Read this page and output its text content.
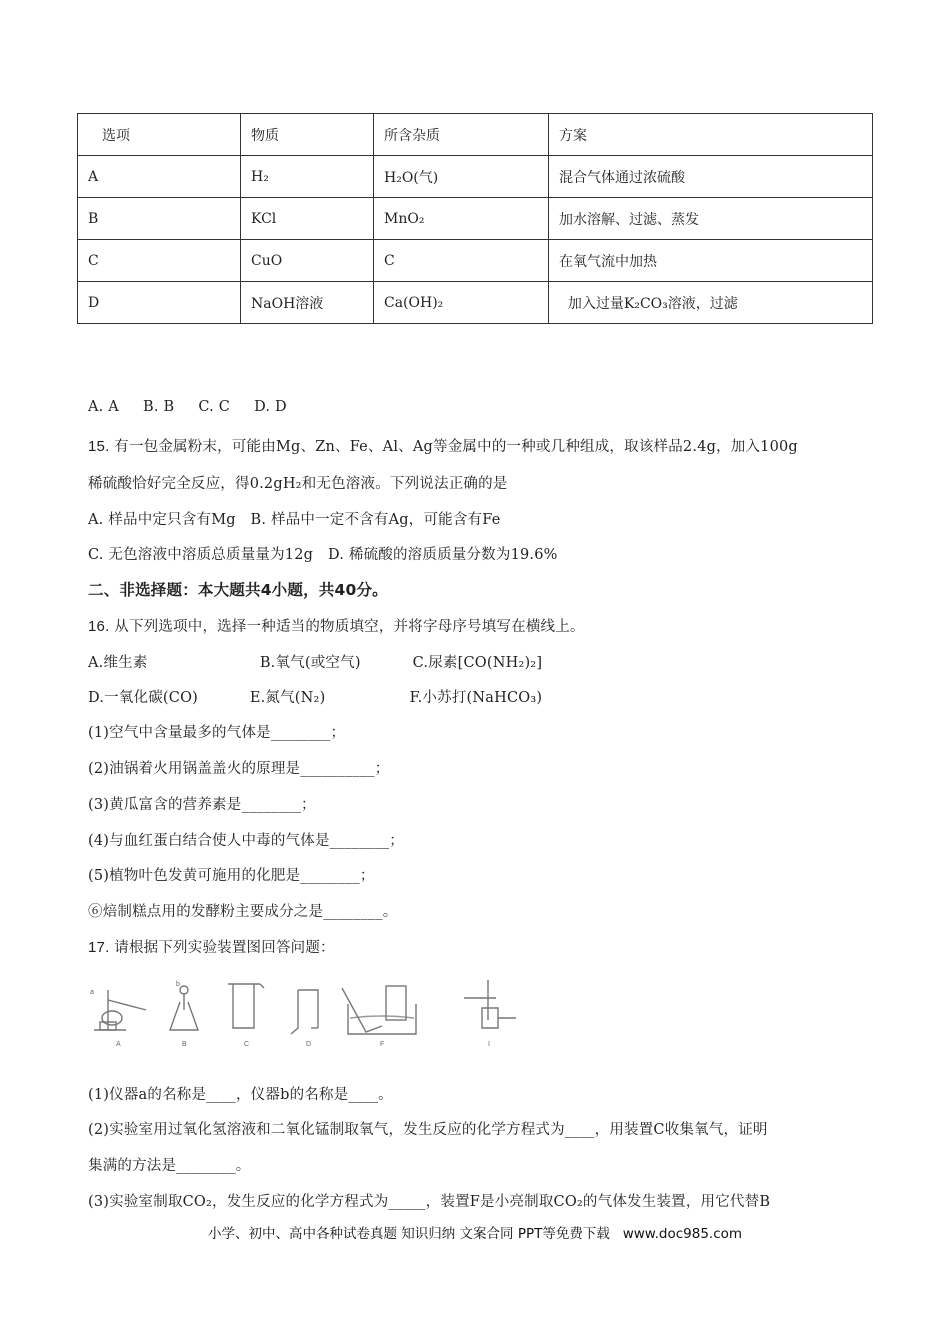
选项	物质	所含杂质	方案
A	H₂	H₂O(气)	混合气体通过浓硫酸
B	KCl	MnO₂	加水溶解、过滤、蒸发
C	CuO	C	在氧气流中加热
D	NaOH溶液	Ca(OH)₂	加入过量K₂CO₃溶液，过滤
A. A     B. B     C. C     D. D
15. 有一包金属粉末，可能由Mg、Zn、Fe、Al、Ag等金属中的一种或几种组成，取该样品2.4g，加入100g
稀硫酸恰好完全反应，得0.2gH₂和无色溶液。下列说法正确的是
A. 样品中定只含有Mg B. 样品中一定不含有Ag，可能含有Fe
C. 无色溶液中溶质总质量量为12g D. 稀硫酸的溶质质量分数为19.6%
二、非选择题：本大题共4小题，共40分。
16. 从下列选项中，选择一种适当的物质填空，并将字母序号填写在横线上。
A.维生素	B.氧气(或空气)	C.尿素[CO(NH₂)₂]
D.一氧化碳(CO)	E.氮气(N₂)	F.小苏打(NaHCO₃)
(1)空气中含量最多的气体是________；
(2)油锅着火用锅盖盖火的原理是__________；
(3)黄瓜富含的营养素是________；
(4)与血红蛋白结合使人中毒的气体是________；
(5)植物叶色发黄可施用的化肥是________；
⑥焙制糕点用的发酵粉主要成分之是________。
17. 请根据下列实验装置图回答问题：
a
b
A	B	C	D	F	I
(1)仪器a的名称是____，仪器b的名称是____。
(2)实验室用过氧化氢溶液和二氧化锰制取氧气，发生反应的化学方程式为____，用装置C收集氧气，证明
集满的方法是________。
(3)实验室制取CO₂，发生反应的化学方程式为_____，装置F是小亮制取CO₂的气体发生装置，用它代替B
小学、初中、高中各种试卷真题 知识归纳 文案合同 PPT等免费下载   www.doc985.com
